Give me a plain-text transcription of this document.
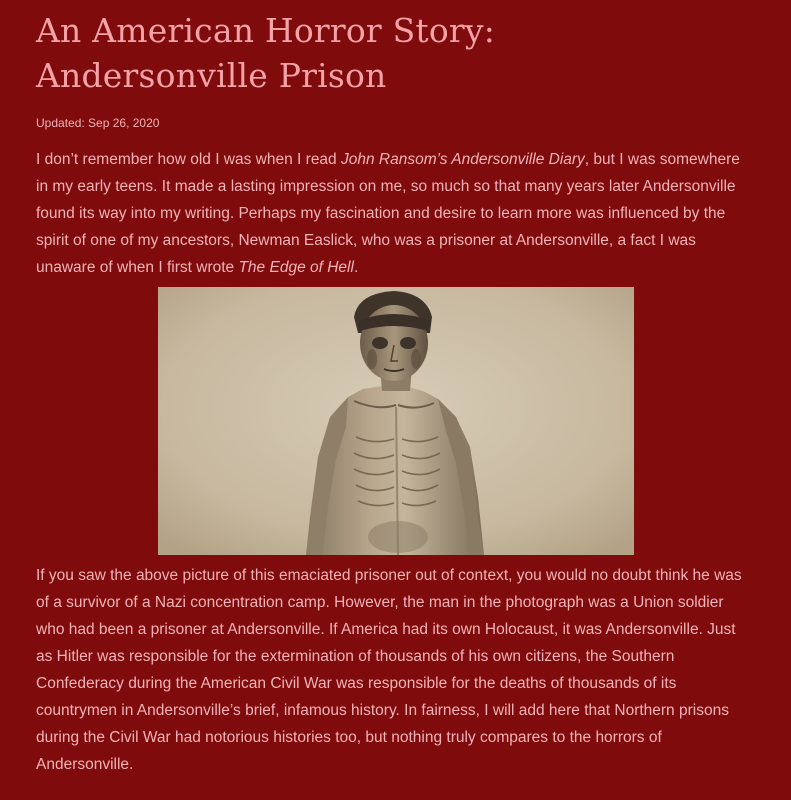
An American Horror Story:
Andersonville Prison
Updated: Sep 26, 2020

I don’t remember how old I was when I read John Ransom’s Andersonville Diary, but I was somewhere in my early teens. It made a lasting impression on me, so much so that many years later Andersonville found its way into my writing. Perhaps my fascination and desire to learn more was influenced by the spirit of one of my ancestors, Newman Easlick, who was a prisoner at Andersonville, a fact I was unaware of when I first wrote The Edge of Hell.

If you saw the above picture of this emaciated prisoner out of context, you would no doubt think he was of a survivor of a Nazi concentration camp. However, the man in the photograph was a Union soldier who had been a prisoner at Andersonville. If America had its own Holocaust, it was Andersonville. Just as Hitler was responsible for the extermination of thousands of his own citizens, the Southern Confederacy during the American Civil War was responsible for the deaths of thousands of its countrymen in Andersonville’s brief, infamous history. In fairness, I will add here that Northern prisons during the Civil War had notorious histories too, but nothing truly compares to the horrors of Andersonville.
